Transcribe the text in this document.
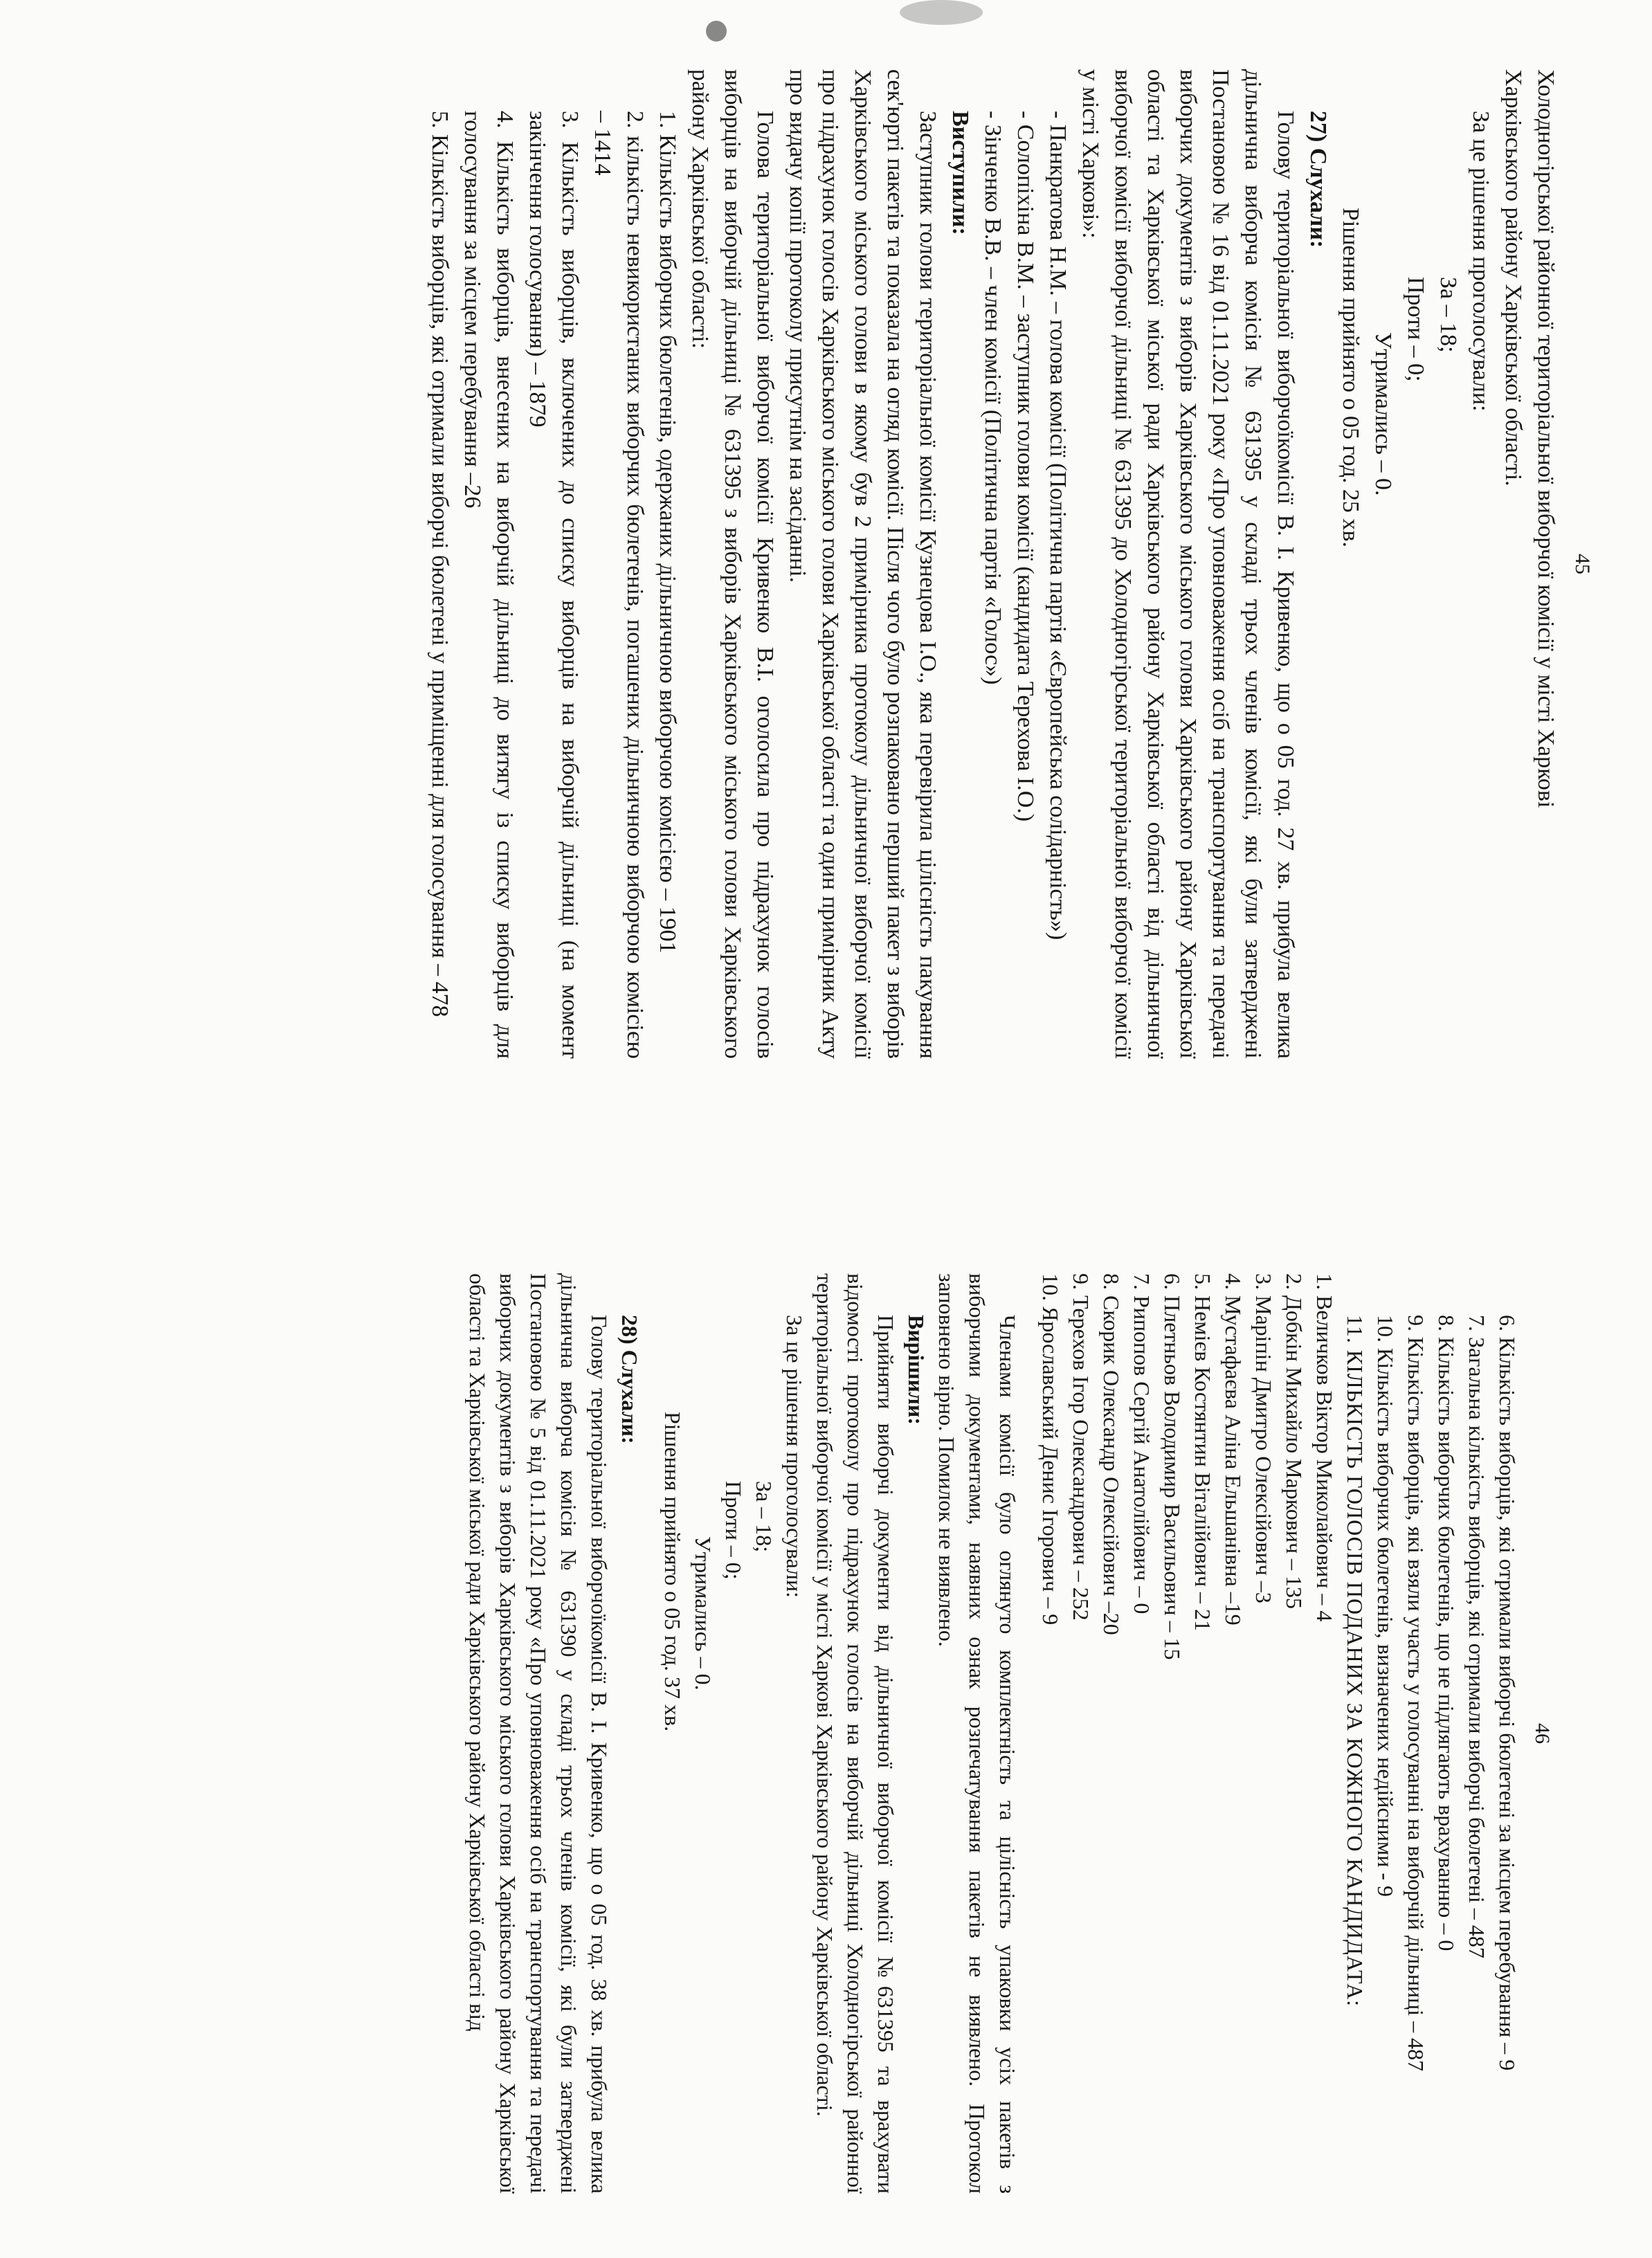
45

Холодногірської районної територіальної виборчої комісії у місті Харкові

Харківського району Харківської області.

За це рішення проголосували:

За – 18;

Проти – 0;

Утримались – 0.

Рішення прийнято о 05 год. 25 хв.

27) Слухали:

Голову територіальної виборчоїкомісії В. І. Кривенко, що о 05 год. 27 хв. прибула велика дільнична виборча комісія № 631395 у складі трьох членів комісії, які були затверджені Постановою № 16 від 01.11.2021 року «Про уповноваження осіб на транспортування та передачі виборчих документів з виборів Харківського міського голови Харківського району Харківської області та Харківської міської ради Харківського району Харківської області від дільничної виборчої комісії виборчої дільниці № 631395 до Холодногірської територіальної виборчої комісії у місті Харкові»:

- Панкратова Н.М. – голова комісії (Політична партія «Європейська солідарність»)

- Солопіхіна В.М. – заступник голови комісії (кандидата Терехова І.О.)

- Зінченко В.В. – член комісії (Політична партія «Голос»)

Виступили:

Заступник голови територіальної комісії Кузнецова І.О., яка перевірила цілісність пакування сек'юрті пакетів та показала на огляд комісії. Після чого було розпаковано перший пакет з виборів Харківського міського голови в якому був 2 примірника протоколу дільничної виборчої комісії про підрахунок голосів Харківського міського голови Харківської області та один примірник Акту про видачу копії протоколу присутнім на засіданні.

Голова територіальної виборчої комісії Кривенко В.І. оголосила про підрахунок голосів виборців на виборчій дільниці № 631395 з виборів Харківського міського голови Харківського району Харківської області:

1. Кількість виборчих бюлетенів, одержаних дільничною виборчою комісією – 1901

2. кількість невикористаних виборчих бюлетенів, погашених дільничною виборчою комісією – 1414

3. Кількість виборців, включених до списку виборців на виборчій дільниці (на момент закінчення голосування) – 1879

4. Кількість виборців, внесених на виборчій дільниці до витягу із списку виборців для голосування за місцем перебування –26

5. Кількість виборців, які отримали виборчі бюлетені у приміщенні для голосування – 478

46

6. Кількість виборців, які отримали виборчі бюлетені за місцем перебування – 9

7. Загальна кількість виборців, які отримали виборчі бюлетені – 487

8. Кількість виборчих бюлетенів, що не підлягають врахуванню – 0

9. Кількість виборців, які взяли участь у голосуванні на виборчій дільниці – 487

10. Кількість виборчих бюлетенів, визначених недійсними - 9

11. КІЛЬКІСТЬ ГОЛОСІВ ПОДАНИХ ЗА КОЖНОГО КАНДИДАТА:

1. Величков Віктор Миколайович – 4

2. Добкін Михайло Маркович – 135

3. Маріпін Дмитро Олексійович –3

4. Мустафаєва Аліна Ельшанівна –19

5. Немієв Костянтин Віталійович – 21

6. Плетньов Володимир Васильович – 15

7. Рипопов Сергій Анатолійович – 0

8. Скорик Олександр Олексійович –20

9. Терехов Ігор Олександрович – 252

10. Ярославський Денис Ігорович – 9

Членами комісії було оглянуто комплектність та цілісність упаковки усіх пакетів з виборчими документами, наявних ознак розпечатування пакетів не виявлено. Протокол заповнено вірно. Помилок не виявлено.

Вирішили:

Прийняти виборчі документи від дільничної виборчої комісії №631395 та врахувати відомості протоколу про підрахунок голосів на виборчій дільниці Холодногірської районної територіальної виборчої комісії у місті Харкові Харківського району Харківської області.

За це рішення проголосували:

За – 18;

Проти – 0;

Утримались – 0.

Рішення прийнято о 05 год. 37 хв.

28) Слухали:

Голову територіальної виборчоїкомісії В. І. Кривенко, що о 05 год. 38 хв. прибула велика дільнична виборча комісія № 631390 у складі трьох членів комісії, які були затверджені Постановою № 5 від 01.11.2021 року «Про уповноваження осіб на транспортування та передачі виборчих документів з виборів Харківського міського голови Харківського району Харківської області та Харківської міської ради Харківського району Харківської області від
